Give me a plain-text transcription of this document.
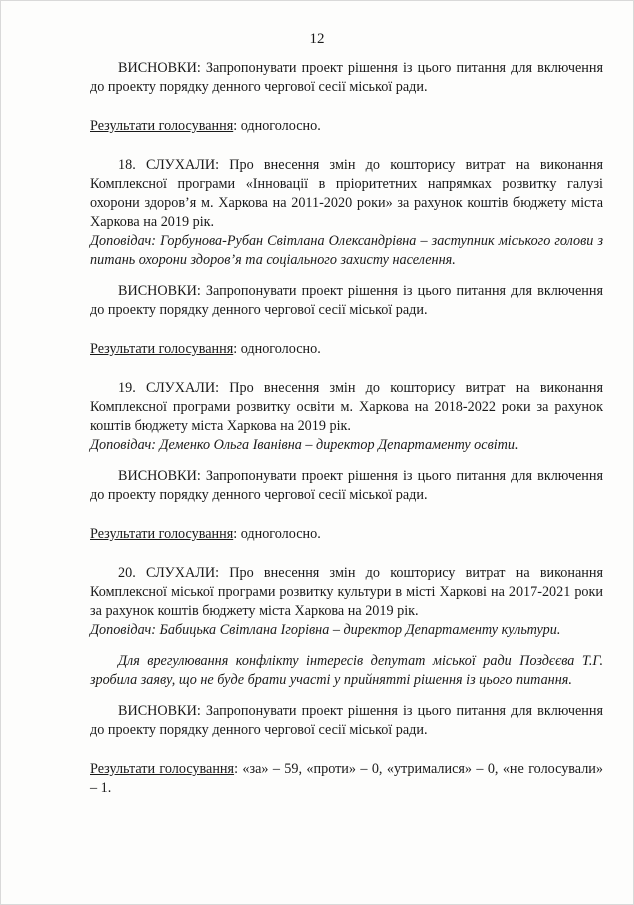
12

ВИСНОВКИ: Запропонувати проект рішення із цього питання для включення до проекту порядку денного чергової сесії міської ради.

Результати голосування: одноголосно.

18. СЛУХАЛИ: Про внесення змін до кошторису витрат на виконання Комплексної програми «Інновації в пріоритетних напрямках розвитку галузі охорони здоров’я м. Харкова на 2011-2020 роки» за рахунок коштів бюджету міста Харкова на 2019 рік.

Доповідач: Горбунова-Рубан Світлана Олександрівна – заступник міського голови з питань охорони здоров’я та соціального захисту населення.

ВИСНОВКИ: Запропонувати проект рішення із цього питання для включення до проекту порядку денного чергової сесії міської ради.

Результати голосування: одноголосно.

19. СЛУХАЛИ: Про внесення змін до кошторису витрат на виконання Комплексної програми розвитку освіти м. Харкова на 2018-2022 роки за рахунок коштів бюджету міста Харкова на 2019 рік.

Доповідач: Деменко Ольга Іванівна – директор Департаменту освіти.

ВИСНОВКИ: Запропонувати проект рішення із цього питання для включення до проекту порядку денного чергової сесії міської ради.

Результати голосування: одноголосно.

20. СЛУХАЛИ: Про внесення змін до кошторису витрат на виконання Комплексної міської програми розвитку культури в місті Харкові на 2017-2021 роки за рахунок коштів бюджету міста Харкова на 2019 рік.

Доповідач: Бабицька Світлана Ігорівна – директор Департаменту культури.

Для врегулювання конфлікту інтересів депутат міської ради Поздєєва Т.Г. зробила заяву, що не буде брати участі у прийнятті рішення із цього питання.

ВИСНОВКИ: Запропонувати проект рішення із цього питання для включення до проекту порядку денного чергової сесії міської ради.

Результати голосування: «за» – 59, «проти» – 0, «утрималися» – 0, «не голосували» – 1.
